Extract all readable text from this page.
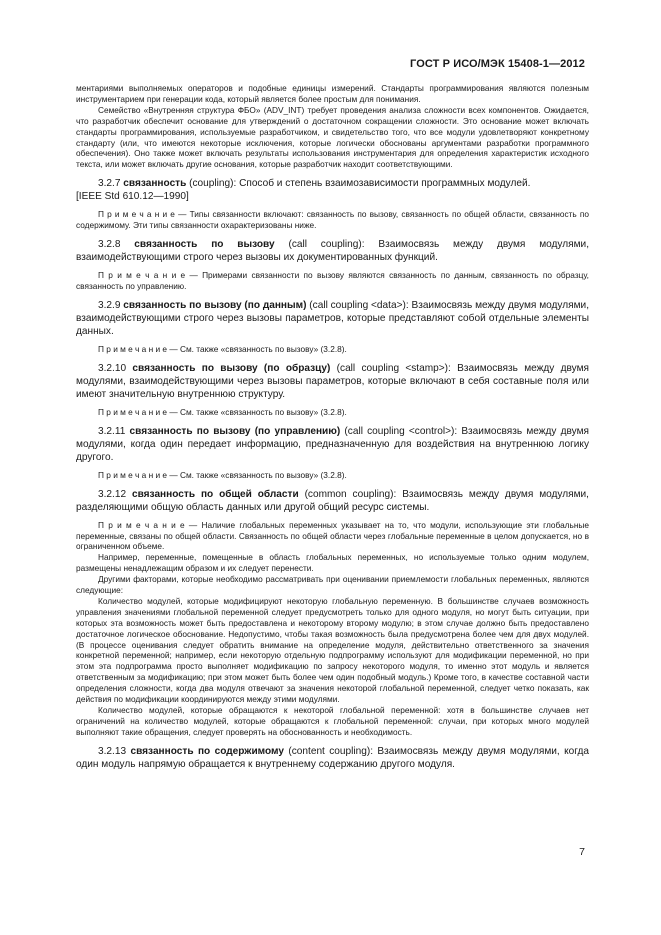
ГОСТ Р ИСО/МЭК 15408-1—2012

ментариями выполняемых операторов и подобные единицы измерений. Стандарты программирования являются полезным инструментарием при генерации кода, который является более простым для понимания.

Семейство «Внутренняя структура ФБО» (ADV_INT) требует проведения анализа сложности всех компонентов. Ожидается, что разработчик обеспечит основание для утверждений о достаточном сокращении сложности. Это основание может включать стандарты программирования, используемые разработчиком, и свидетельство того, что все модули удовлетворяют конкретному стандарту (или, что имеются некоторые исключения, которые логически обоснованы аргументами разработки программного обеспечения). Оно также может включать результаты использования инструментария для определения характеристик исходного текста, или может включать другие основания, которые разработчик находит соответствующими.

3.2.7 связанность (coupling): Способ и степень взаимозависимости программных модулей.
[IEEE Std 610.12—1990]

П р и м е ч а н и е — Типы связанности включают: связанность по вызову, связанность по общей области, связанность по содержимому. Эти типы связанности охарактеризованы ниже.

3.2.8 связанность по вызову (call coupling): Взаимосвязь между двумя модулями, взаимодействующими строго через вызовы их документированных функций.

П р и м е ч а н и е — Примерами связанности по вызову являются связанность по данным, связанность по образцу, связанность по управлению.

3.2.9 связанность по вызову (по данным) (call coupling <data>): Взаимосвязь между двумя модулями, взаимодействующими строго через вызовы параметров, которые представляют собой отдельные элементы данных.

П р и м е ч а н и е — См. также «связанность по вызову» (3.2.8).

3.2.10 связанность по вызову (по образцу) (call coupling <stamp>): Взаимосвязь между двумя модулями, взаимодействующими через вызовы параметров, которые включают в себя составные поля или имеют значительную внутреннюю структуру.

П р и м е ч а н и е — См. также «связанность по вызову» (3.2.8).

3.2.11 связанность по вызову (по управлению) (call coupling <control>): Взаимосвязь между двумя модулями, когда один передает информацию, предназначенную для воздействия на внутреннюю логику другого.

П р и м е ч а н и е — См. также «связанность по вызову» (3.2.8).

3.2.12 связанность по общей области (common coupling): Взаимосвязь между двумя модулями, разделяющими общую область данных или другой общий ресурс системы.

П р и м е ч а н и е — Наличие глобальных переменных указывает на то, что модули, использующие эти глобальные переменные, связаны по общей области. Связанность по общей области через глобальные переменные в целом допускается, но в ограниченном объеме.

Например, переменные, помещенные в область глобальных переменных, но используемые только одним модулем, размещены ненадлежащим образом и их следует перенести.

Другими факторами, которые необходимо рассматривать при оценивании приемлемости глобальных переменных, являются следующие:

Количество модулей, которые модифицируют некоторую глобальную переменную. В большинстве случаев возможность управления значениями глобальной переменной следует предусмотреть только для одного модуля, но могут быть ситуации, при которых эта возможность может быть предоставлена и некоторому второму модулю; в этом случае должно быть предоставлено достаточное логическое обоснование. Недопустимо, чтобы такая возможность была предусмотрена более чем для двух модулей. (В процессе оценивания следует обратить внимание на определение модуля, действительно ответственного за значения конкретной переменной; например, если некоторую отдельную подпрограмму используют для модификации переменной, но при этом эта подпрограмма просто выполняет модификацию по запросу некоторого модуля, то именно этот модуль и является ответственным за модификацию; при этом может быть более чем один подобный модуль.) Кроме того, в качестве составной части определения сложности, когда два модуля отвечают за значения некоторой глобальной переменной, следует четко показать, как действия по модификации координируются между этими модулями.

Количество модулей, которые обращаются к некоторой глобальной переменной: хотя в большинстве случаев нет ограничений на количество модулей, которые обращаются к глобальной переменной: случаи, при которых много модулей выполняют такие обращения, следует проверять на обоснованность и необходимость.

3.2.13 связанность по содержимому (content coupling): Взаимосвязь между двумя модулями, когда один модуль напрямую обращается к внутреннему содержанию другого модуля.

7
